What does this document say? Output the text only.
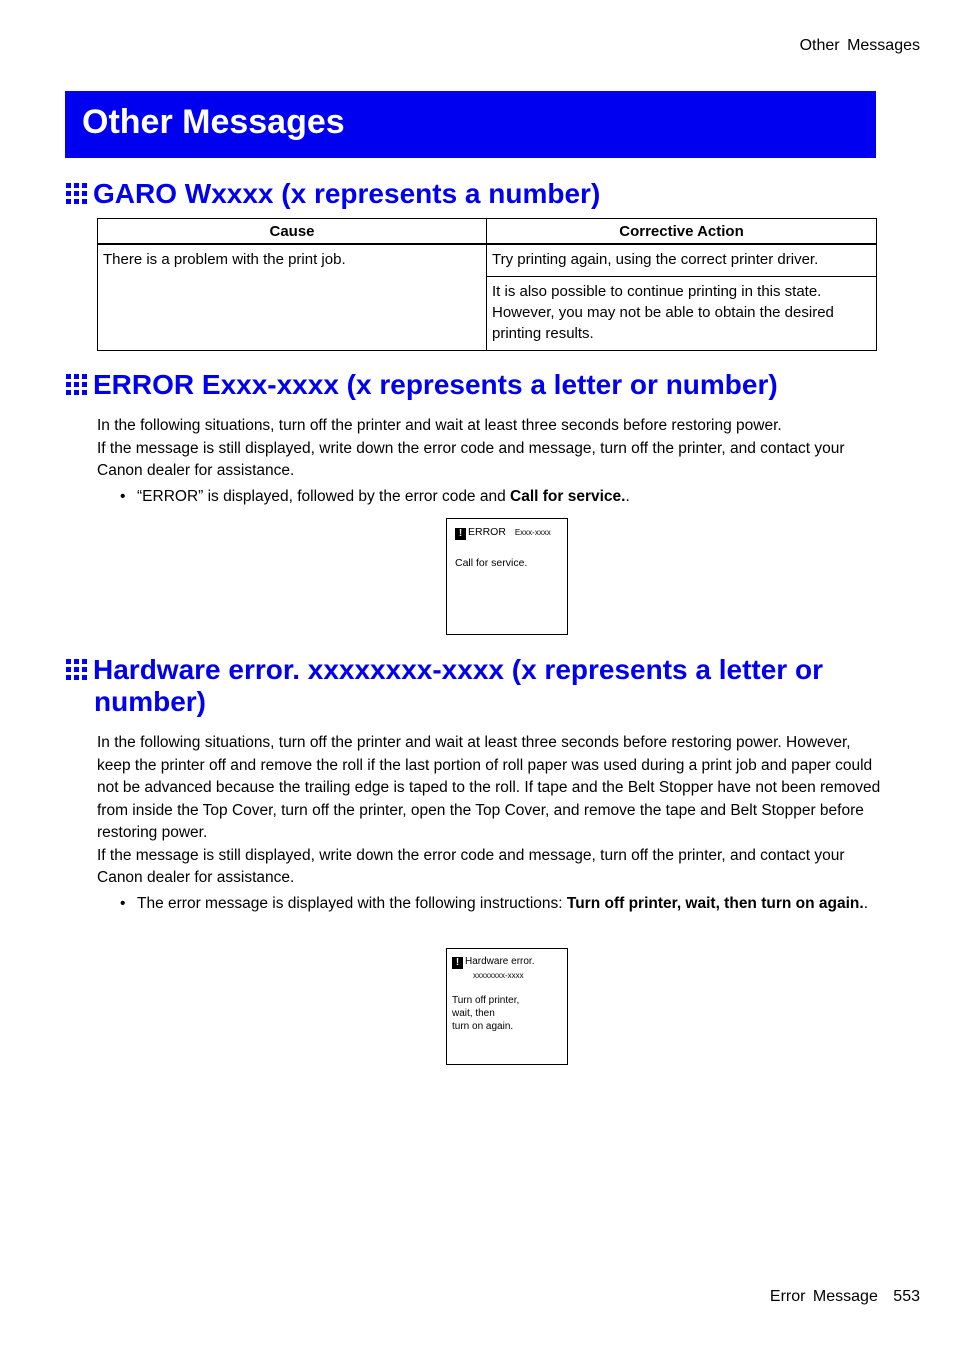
Other Messages
Other Messages
GARO Wxxxx (x represents a number)
Cause	Corrective Action
There is a problem with the print job.	Try printing again, using the correct printer driver.
	It is also possible to continue printing in this state. However, you may not be able to obtain the desired printing results.
ERROR Exxx-xxxx (x represents a letter or number)
In the following situations, turn off the printer and wait at least three seconds before restoring power.
If the message is still displayed, write down the error code and message, turn off the printer, and contact your Canon dealer for assistance.
• “ERROR” is displayed, followed by the error code and Call for service..
! ERROR Exxx-xxxx
Call for service.
Hardware error. xxxxxxxx-xxxx (x represents a letter or
number)
In the following situations, turn off the printer and wait at least three seconds before restoring power. However, keep the printer off and remove the roll if the last portion of roll paper was used during a print job and paper could not be advanced because the trailing edge is taped to the roll. If tape and the Belt Stopper have not been removed from inside the Top Cover, turn off the printer, open the Top Cover, and remove the tape and Belt Stopper before restoring power.
If the message is still displayed, write down the error code and message, turn off the printer, and contact your Canon dealer for assistance.
• The error message is displayed with the following instructions: Turn off printer, wait, then turn on again..
! Hardware error.
xxxxxxxx-xxxx
Turn off printer,
wait, then
turn on again.
Error Message 553
